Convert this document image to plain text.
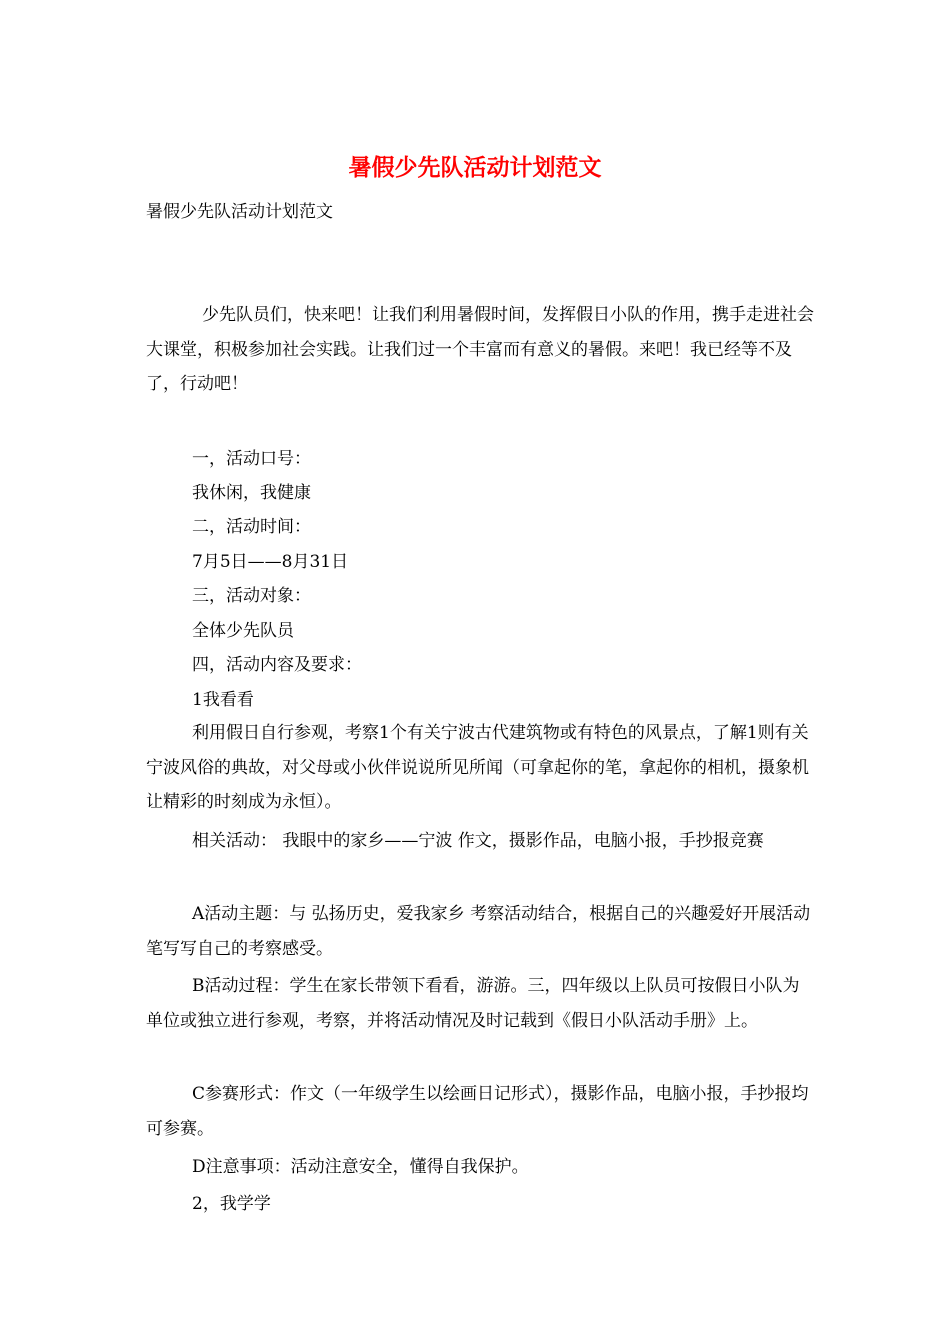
暑假少先队活动计划范文
暑假少先队活动计划范文
少先队员们，快来吧！让我们利用暑假时间，发挥假日小队的作用，携手走进社会大课堂，积极参加社会实践。让我们过一个丰富而有意义的暑假。来吧！我已经等不及了，行动吧！
一，活动口号：
我休闲，我健康
二，活动时间：
7月5日——8月31日
三，活动对象：
全体少先队员
四，活动内容及要求：
1我看看
利用假日自行参观，考察1个有关宁波古代建筑物或有特色的风景点，了解1则有关宁波风俗的典故，对父母或小伙伴说说所见所闻（可拿起你的笔，拿起你的相机，摄象机让精彩的时刻成为永恒）。
相关活动： 我眼中的家乡——宁波 作文，摄影作品，电脑小报，手抄报竞赛
A活动主题：与 弘扬历史，爱我家乡 考察活动结合，根据自己的兴趣爱好开展活动笔写写自己的考察感受。
B活动过程：学生在家长带领下看看，游游。三，四年级以上队员可按假日小队为单位或独立进行参观，考察，并将活动情况及时记载到《假日小队活动手册》上。
C参赛形式：作文（一年级学生以绘画日记形式），摄影作品，电脑小报，手抄报均可参赛。
D注意事项：活动注意安全，懂得自我保护。
2，我学学
